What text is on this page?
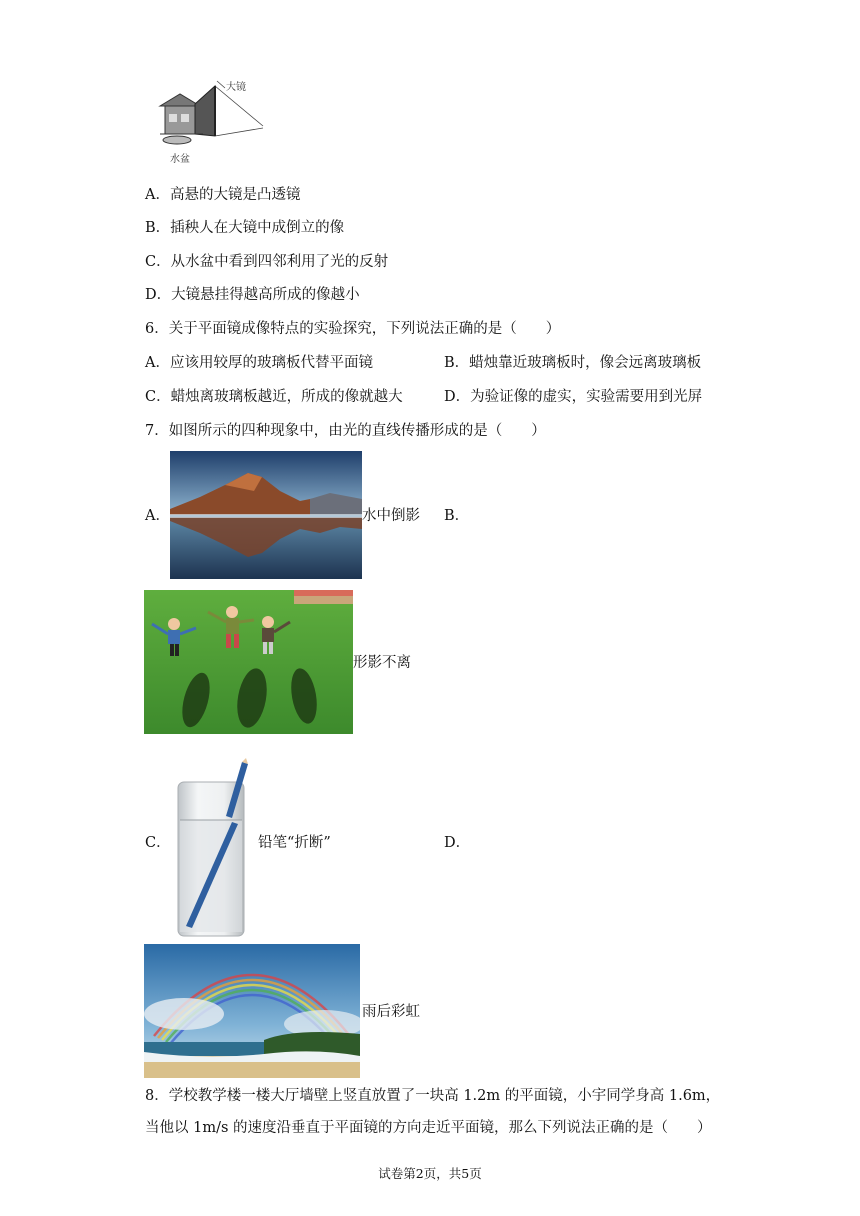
大镜
水盆
A．高悬的大镜是凸透镜
B．插秧人在大镜中成倒立的像
C．从水盆中看到四邻利用了光的反射
D．大镜悬挂得越高所成的像越小
6．关于平面镜成像特点的实验探究，下列说法正确的是（　　）
A．应该用较厚的玻璃板代替平面镜	B．蜡烛靠近玻璃板时，像会远离玻璃板
C．蜡烛离玻璃板越近，所成的像就越大	D．为验证像的虚实，实验需要用到光屏
7．如图所示的四种现象中，由光的直线传播形成的是（　　）
A．	水中倒影 B．
形影不离
C．	铅笔“折断”	D．
雨后彩虹
8．学校教学楼一楼大厅墙壁上竖直放置了一块高 1.2m 的平面镜，小宇同学身高 1.6m，
当他以 1m/s 的速度沿垂直于平面镜的方向走近平面镜，那么下列说法正确的是（　　）
试卷第2页，共5页
